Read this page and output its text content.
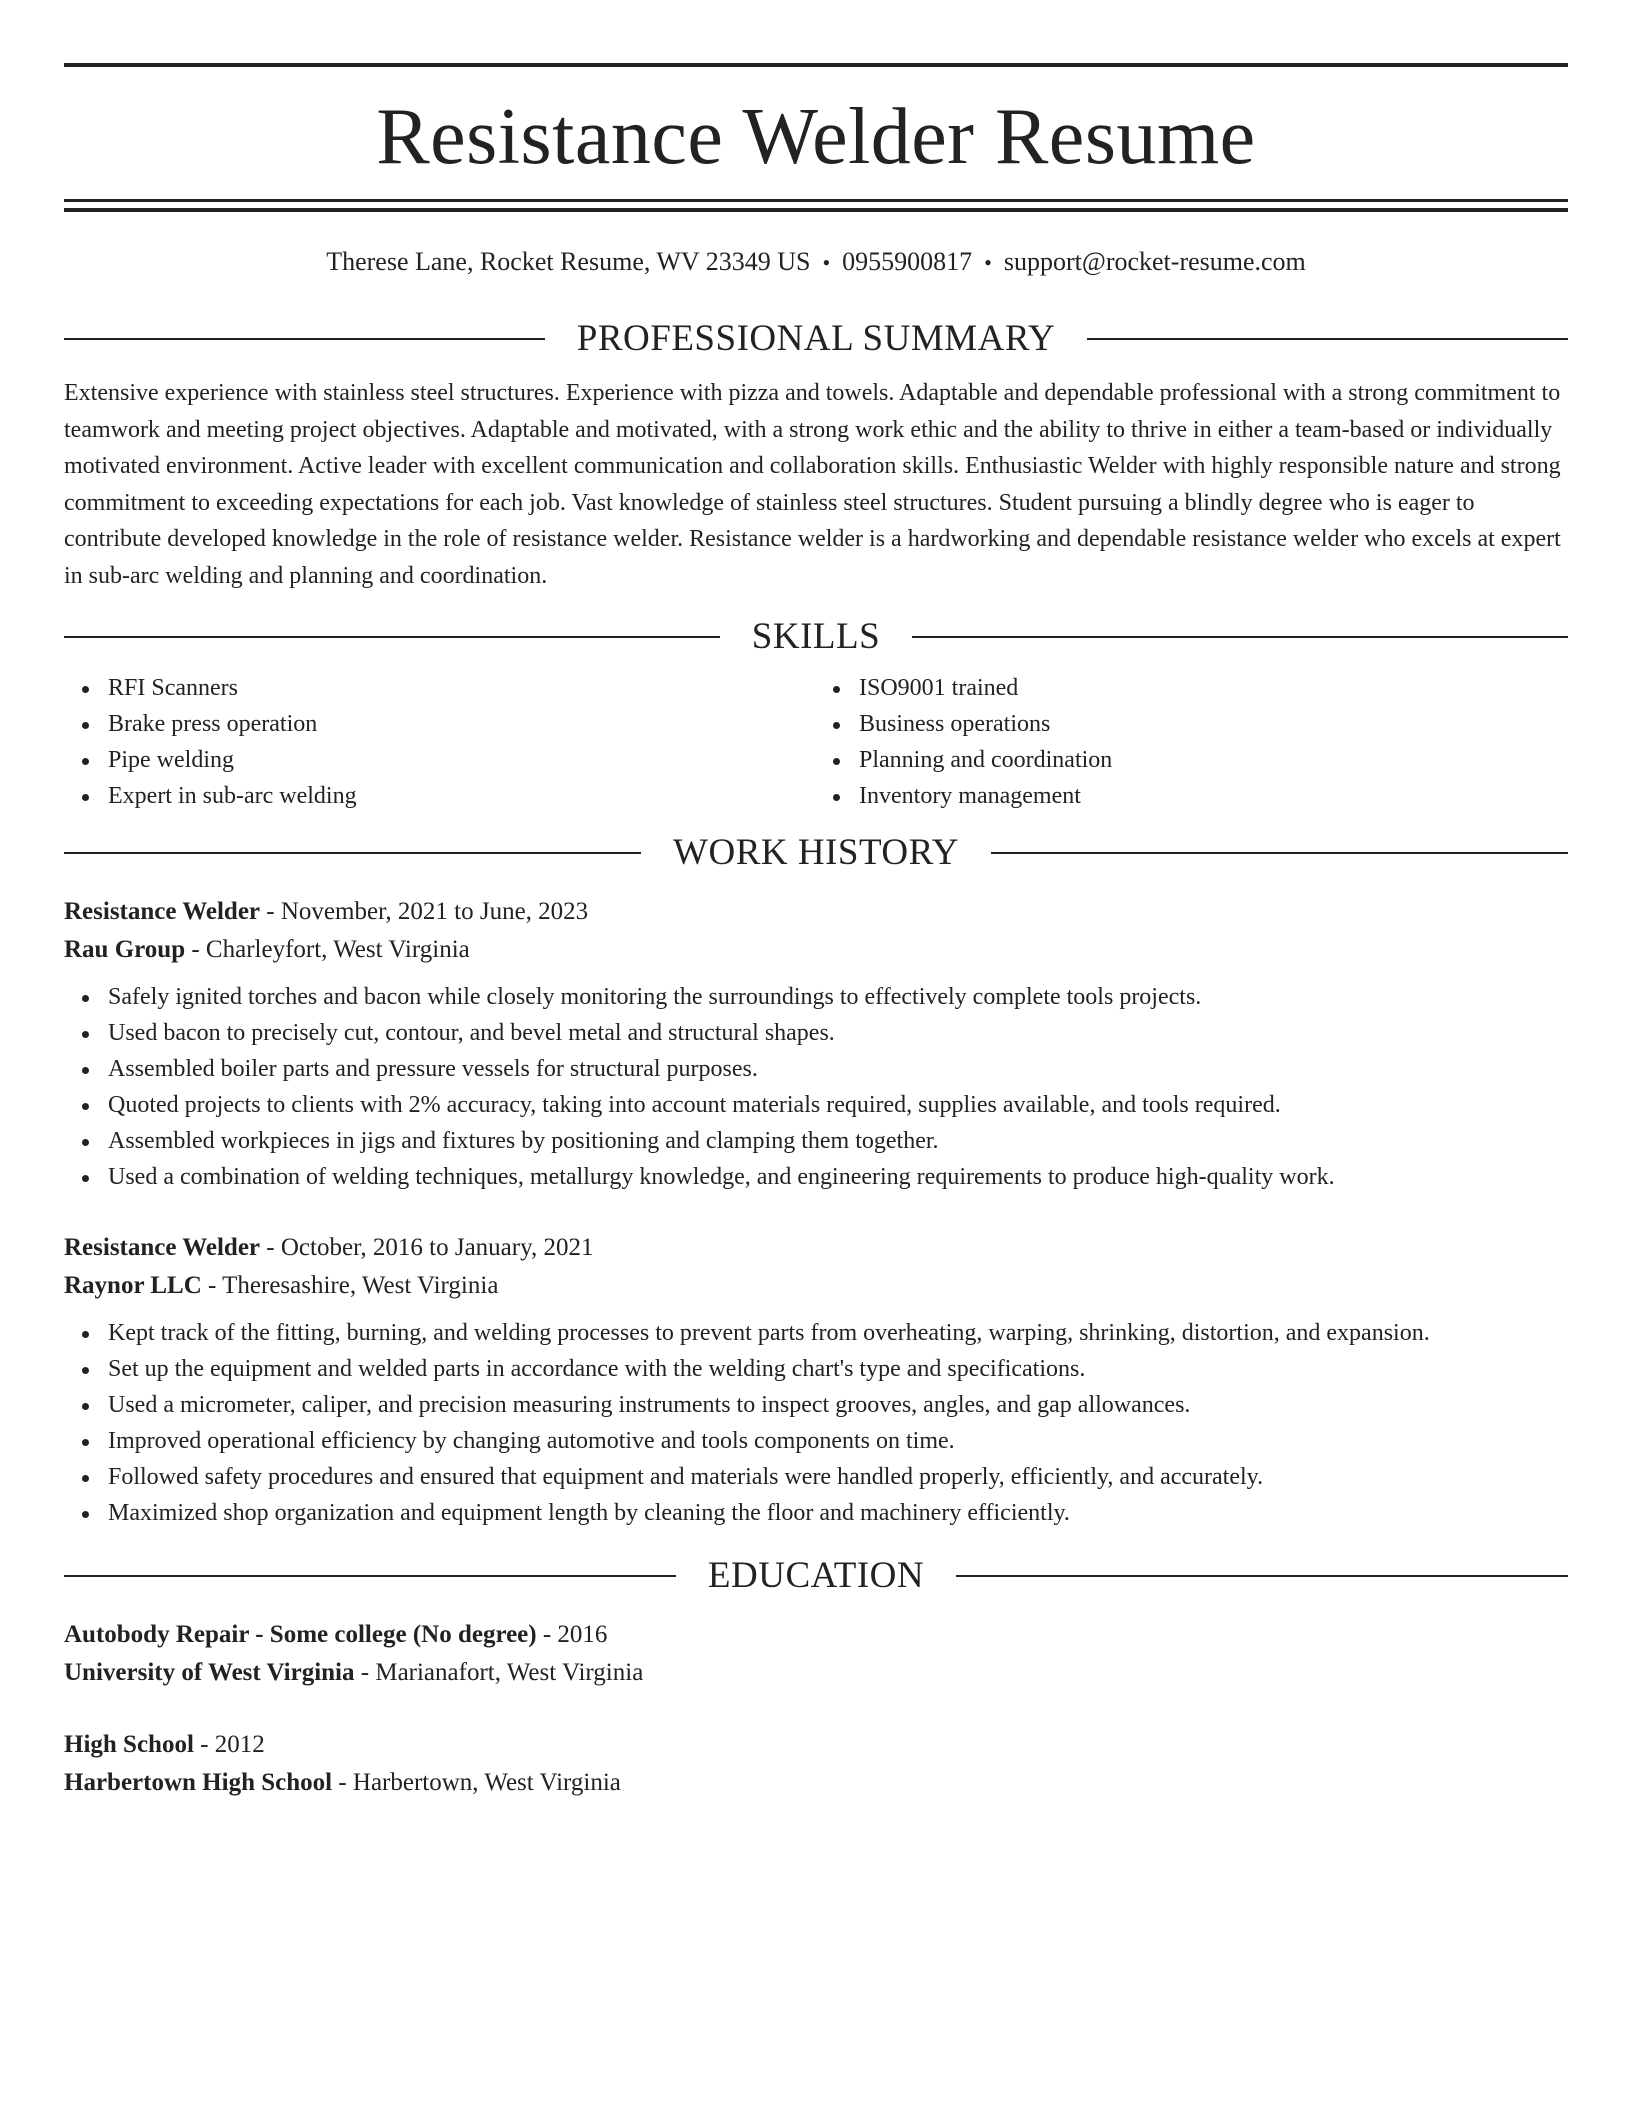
Resistance Welder Resume
Therese Lane, Rocket Resume, WV 23349 US • 0955900817 • support@rocket-resume.com
PROFESSIONAL SUMMARY

Extensive experience with stainless steel structures. Experience with pizza and towels. Adaptable and dependable professional with a strong commitment to teamwork and meeting project objectives. Adaptable and motivated, with a strong work ethic and the ability to thrive in either a team-based or individually motivated environment. Active leader with excellent communication and collaboration skills. Enthusiastic Welder with highly responsible nature and strong commitment to exceeding expectations for each job. Vast knowledge of stainless steel structures. Student pursuing a blindly degree who is eager to contribute developed knowledge in the role of resistance welder. Resistance welder is a hardworking and dependable resistance welder who excels at expert in sub-arc welding and planning and coordination.

SKILLS
RFI Scanners
Brake press operation
Pipe welding
Expert in sub-arc welding
ISO9001 trained
Business operations
Planning and coordination
Inventory management
WORK HISTORY
Resistance Welder - November, 2021 to June, 2023
Rau Group - Charleyfort, West Virginia
Safely ignited torches and bacon while closely monitoring the surroundings to effectively complete tools projects.
Used bacon to precisely cut, contour, and bevel metal and structural shapes.
Assembled boiler parts and pressure vessels for structural purposes.
Quoted projects to clients with 2% accuracy, taking into account materials required, supplies available, and tools required.
Assembled workpieces in jigs and fixtures by positioning and clamping them together.
Used a combination of welding techniques, metallurgy knowledge, and engineering requirements to produce high-quality work.
Resistance Welder - October, 2016 to January, 2021
Raynor LLC - Theresashire, West Virginia
Kept track of the fitting, burning, and welding processes to prevent parts from overheating, warping, shrinking, distortion, and expansion.
Set up the equipment and welded parts in accordance with the welding chart's type and specifications.
Used a micrometer, caliper, and precision measuring instruments to inspect grooves, angles, and gap allowances.
Improved operational efficiency by changing automotive and tools components on time.
Followed safety procedures and ensured that equipment and materials were handled properly, efficiently, and accurately.
Maximized shop organization and equipment length by cleaning the floor and machinery efficiently.
EDUCATION
Autobody Repair - Some college (No degree) - 2016
University of West Virginia - Marianafort, West Virginia
High School - 2012
Harbertown High School - Harbertown, West Virginia
